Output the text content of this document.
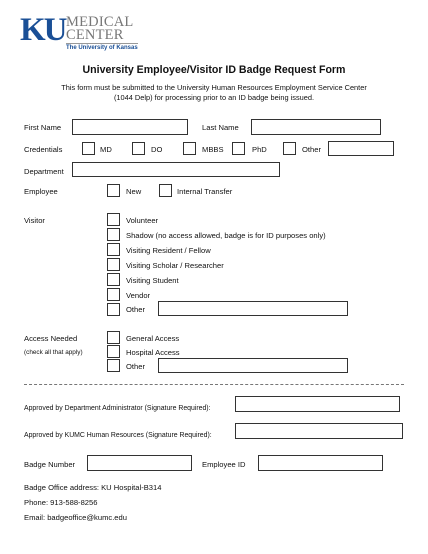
KU MEDICAL
CENTER
The University of Kansas
University Employee/Visitor ID Badge Request Form
This form must be submitted to the University Human Resources Employment Service Center
(1044 Delp) for processing prior to an ID badge being issued.
First Name	Last Name
Credentials	MD	DO	MBBS	PhD	Other
Department
Employee	New	Internal Transfer
Visitor	Volunteer
Shadow (no access allowed, badge is for ID purposes only)
Visiting Resident / Fellow
Visiting Scholar / Researcher
Visiting Student
Vendor
Other
Access Needed
(check all that apply)
General Access
Hospital Access
Other
Approved by Department Administrator (Signature Required):
Approved by KUMC Human Resources (Signature Required):
Badge Number	Employee ID
Badge Office address: KU Hospital-B314
Phone: 913-588-8256
Email: badgeoffice@kumc.edu
